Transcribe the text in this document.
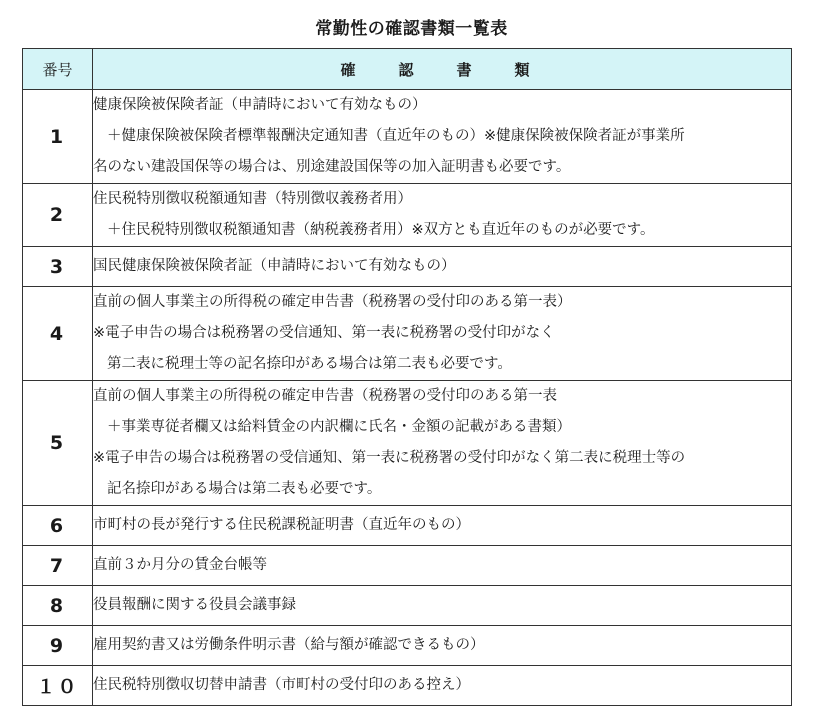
常勤性の確認書類一覧表
番号	確　認　書　類
1	健康保険被保険者証（申請時において有効なもの）
＋健康保険被保険者標準報酬決定通知書（直近年のもの）※健康保険被保険者証が事業所
名のない建設国保等の場合は、別途建設国保等の加入証明書も必要です。

2	住民税特別徴収税額通知書（特別徴収義務者用）
＋住民税特別徴収税額通知書（納税義務者用）※双方とも直近年のものが必要です。

3	国民健康保険被保険者証（申請時において有効なもの）

4	直前の個人事業主の所得税の確定申告書（税務署の受付印のある第一表）
※電子申告の場合は税務署の受信通知、第一表に税務署の受付印がなく
第二表に税理士等の記名捺印がある場合は第二表も必要です。

5	直前の個人事業主の所得税の確定申告書（税務署の受付印のある第一表
＋事業専従者欄又は給料賃金の内訳欄に氏名・金額の記載がある書類）
※電子申告の場合は税務署の受信通知、第一表に税務署の受付印がなく第二表に税理士等の
記名捺印がある場合は第二表も必要です。

6	市町村の長が発行する住民税課税証明書（直近年のもの）

7	直前３か月分の賃金台帳等

8	役員報酬に関する役員会議事録

9	雇用契約書又は労働条件明示書（給与額が確認できるもの）

１０	住民税特別徴収切替申請書（市町村の受付印のある控え）
